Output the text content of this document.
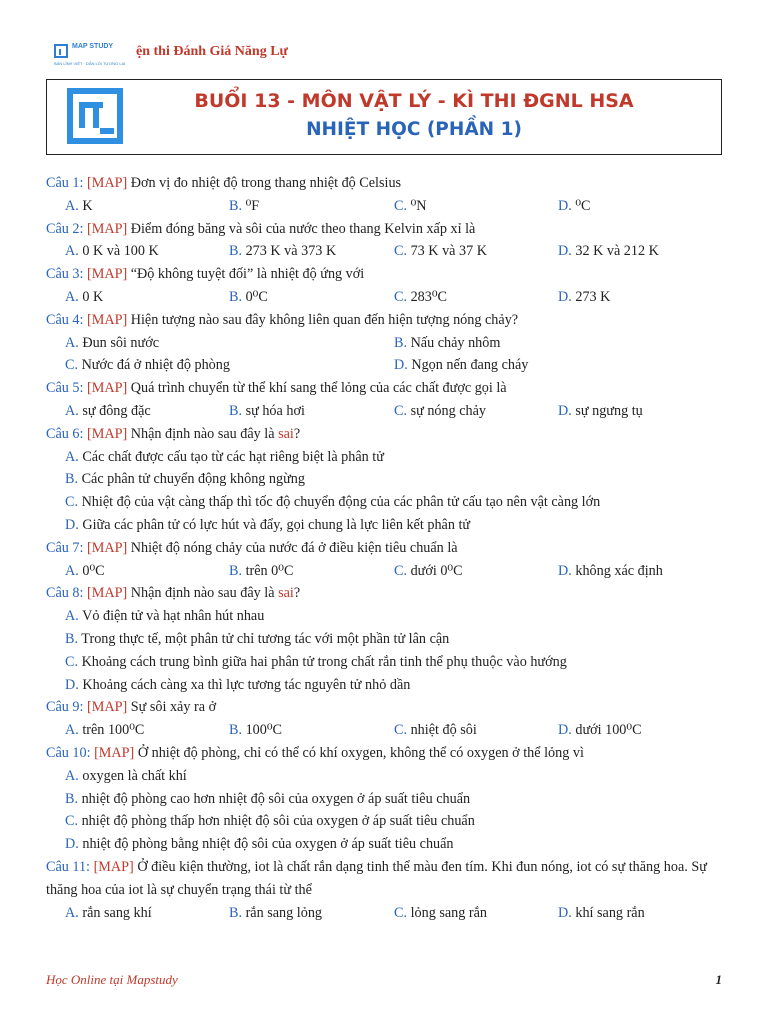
MAP STUDY
BẢN LĨNH VIỆT · DẪN LỐI TƯƠNG LAI
ện thi Đánh Giá Năng Lự
BUỔI 13 - MÔN VẬT LÝ - KÌ THI ĐGNL HSA
NHIỆT HỌC (PHẦN 1)
Câu 1: [MAP] Đơn vị đo nhiệt độ trong thang nhiệt độ Celsius
A. K	B. ⁰F	C. ⁰N	D. ⁰C
Câu 2: [MAP] Điểm đóng băng và sôi của nước theo thang Kelvin xấp xỉ là
A. 0 K và 100 K	B. 273 K và 373 K	C. 73 K và 37 K	D. 32 K và 212 K
Câu 3: [MAP] “Độ không tuyệt đối” là nhiệt độ ứng với
A. 0 K	B. 0⁰C	C. 283⁰C	D. 273 K
Câu 4: [MAP] Hiện tượng nào sau đây không liên quan đến hiện tượng nóng chảy?
A. Đun sôi nước	B. Nấu chảy nhôm
C. Nước đá ở nhiệt độ phòng	D. Ngọn nến đang cháy
Câu 5: [MAP] Quá trình chuyển từ thể khí sang thể lỏng của các chất được gọi là
A. sự đông đặc	B. sự hóa hơi	C. sự nóng chảy	D. sự ngưng tụ
Câu 6: [MAP] Nhận định nào sau đây là sai?
A. Các chất được cấu tạo từ các hạt riêng biệt là phân tử
B. Các phân tử chuyển động không ngừng
C. Nhiệt độ của vật càng thấp thì tốc độ chuyển động của các phân tử cấu tạo nên vật càng lớn
D. Giữa các phân tử có lực hút và đẩy, gọi chung là lực liên kết phân tử
Câu 7: [MAP] Nhiệt độ nóng chảy của nước đá ở điều kiện tiêu chuẩn là
A. 0⁰C	B. trên 0⁰C	C. dưới 0⁰C	D. không xác định
Câu 8: [MAP] Nhận định nào sau đây là sai?
A. Vỏ điện tử và hạt nhân hút nhau
B. Trong thực tế, một phân tử chỉ tương tác với một phần tử lân cận
C. Khoảng cách trung bình giữa hai phân tử trong chất rắn tinh thể phụ thuộc vào hướng
D. Khoảng cách càng xa thì lực tương tác nguyên tử nhỏ dần
Câu 9: [MAP] Sự sôi xảy ra ở
A. trên 100⁰C	B. 100⁰C	C. nhiệt độ sôi	D. dưới 100⁰C
Câu 10: [MAP] Ở nhiệt độ phòng, chỉ có thể có khí oxygen, không thể có oxygen ở thể lỏng vì
A. oxygen là chất khí
B. nhiệt độ phòng cao hơn nhiệt độ sôi của oxygen ở áp suất tiêu chuẩn
C. nhiệt độ phòng thấp hơn nhiệt độ sôi của oxygen ở áp suất tiêu chuẩn
D. nhiệt độ phòng bằng nhiệt độ sôi của oxygen ở áp suất tiêu chuẩn
Câu 11: [MAP] Ở điều kiện thường, iot là chất rắn dạng tinh thể màu đen tím. Khi đun nóng, iot có sự thăng hoa. Sự thăng hoa của iot là sự chuyển trạng thái từ thể
A. rắn sang khí	B. rắn sang lỏng	C. lỏng sang rắn	D. khí sang rắn
Học Online tại Mapstudy	1
